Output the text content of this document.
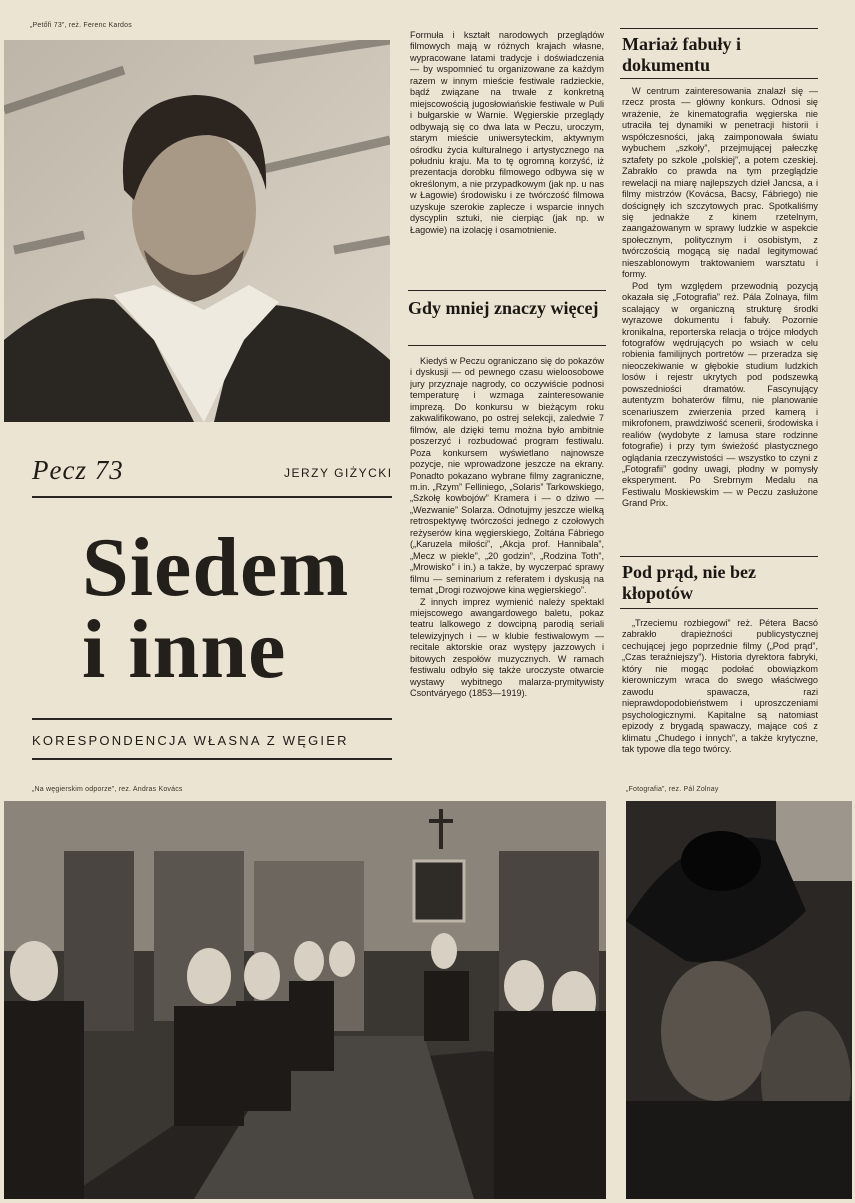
„Petőfi 73”, reż. Ferenc Kardos
Pecz 73	JERZY GIŻYCKI
Siedem
i inne
KORESPONDENCJA WŁASNA Z WĘGIER

Formuła i kształt narodowych przeglądów filmowych mają w różnych krajach własne, wypracowane latami tradycje i doświadczenia — by wspomnieć tu organizowane za każdym razem w innym mieście festiwale radzieckie, bądź związane na trwałe z konkretną miejscowością jugosłowiańskie festiwale w Puli i bułgarskie w Warnie. Węgierskie przeglądy odbywają się co dwa lata w Peczu, uroczym, starym mieście uniwersyteckim, aktywnym ośrodku życia kulturalnego i artystycznego na południu kraju. Ma to tę ogromną korzyść, iż prezentacja dorobku filmowego odbywa się w określonym, a nie przypadkowym (jak np. u nas w Łagowie) środowisku i ze twórczość filmowa uzyskuje szerokie zaplecze i wsparcie innych dyscyplin sztuki, nie cierpiąc (jak np. w Łagowie) na izolację i osamotnienie.

Gdy mniej znaczy więcej

Kiedyś w Peczu ograniczano się do pokazów i dyskusji — od pewnego czasu wieloosobowe jury przyznaje nagrody, co oczywiście podnosi temperaturę i wzmaga zainteresowanie imprezą. Do konkursu w bieżącym roku zakwalifikowano, po ostrej selekcji, zaledwie 7 filmów, ale dzięki temu można było ambitnie poszerzyć i rozbudować program festiwalu. Poza konkursem wyświetlano najnowsze pozycje, nie wprowadzone jeszcze na ekrany. Ponadto pokazano wybrane filmy zagraniczne, m.in. „Rzym” Felliniego, „Solaris” Tarkowskiego, „Szkołę kowbojów” Kramera i — o dziwo — „Wezwanie” Solarza. Odnotujmy jeszcze wielką retrospektywę twórczości jednego z czołowych reżyserów kina węgierskiego, Zoltána Fábriego („Karuzela miłości”, „Akcja prof. Hannibala”, „Mecz w piekle”, „20 godzin”, „Rodzina Toth”, „Mrowisko” i in.) a także, by wyczerpać sprawy filmu — seminarium z referatem i dyskusją na temat „Drogi rozwojowe kina węgierskiego”.

Z innych imprez wymienić należy spektakl miejscowego awangardowego baletu, pokaz teatru lalkowego z dowcipną parodią seriali telewizyjnych i — w klubie festiwalowym — recitale aktorskie oraz występy jazzowych i bitowych zespołów muzycznych. W ramach festiwalu odbyło się także uroczyste otwarcie wystawy wybitnego malarza-prymitywisty Csontváryego (1853—1919).

Mariaż fabuły i dokumentu

W centrum zainteresowania znalazł się — rzecz prosta — główny konkurs. Odnosi się wrażenie, że kinematografia węgierska nie utraciła tej dynamiki w penetracji historii i współczesności, jaką zaimponowała światu wybuchem „szkoły”, przejmującej pałeczkę sztafety po szkole „polskiej”, a potem czeskiej. Zabrakło co prawda na tym przeglądzie rewelacji na miarę najlepszych dzieł Jancsa, a i filmy mistrzów (Kovácsa, Bacsy, Fábriego) nie doścignęły ich szczytowych prac. Spotkaliśmy się jednakże z kinem rzetelnym, zaangażowanym w sprawy ludzkie w aspekcie społecznym, politycznym i osobistym, z twórczością mogącą się nadal legitymować nieszablonowym traktowaniem warsztatu i formy.

Pod tym względem przewodnią pozycją okazała się „Fotografia” reż. Pála Zolnaya, film scalający w organiczną strukturę środki wyrazowe dokumentu i fabuły. Pozornie kronikalna, reporterska relacja o trójce młodych fotografów wędrujących po wsiach w celu robienia familijnych portretów — przeradza się nieoczekiwanie w głębokie studium ludzkich losów i rejestr ukrytych pod podszewką powszedniości dramatów. Fascynujący autentyzm bohaterów filmu, nie planowanie scenariuszem zwierzenia przed kamerą i mikrofonem, prawdziwość scenerii, środowiska i realiów (wydobyte z lamusa stare rodzinne fotografie) i przy tym świeżość plastycznego oglądania rzeczywistości — wszystko to czyni z „Fotografii” godny uwagi, płodny w pomysły eksperyment. Po Srebrnym Medalu na Festiwalu Moskiewskim — w Peczu zasłużone Grand Prix.

Pod prąd, nie bez kłopotów

„Trzeciemu rozbiegowi” reż. Pétera Bacsó zabrakło drapieżności publicystycznej cechującej jego poprzednie filmy („Pod prąd”, „Czas teraźniejszy”). Historia dyrektora fabryki, który nie mogąc podołać obowiązkom kierowniczym wraca do swego właściwego zawodu spawacza, razi nieprawdopodobieństwem i uproszczeniami psychologicznymi. Kapitalne są natomiast epizody z brygadą spawaczy, mające coś z klimatu „Chudego i innych”, a także krytyczne, tak typowe dla tego twórcy.

„Na węgierskim odporze”, rez. Andras Kovács	„Fotografia”, rez. Pál Zolnay
